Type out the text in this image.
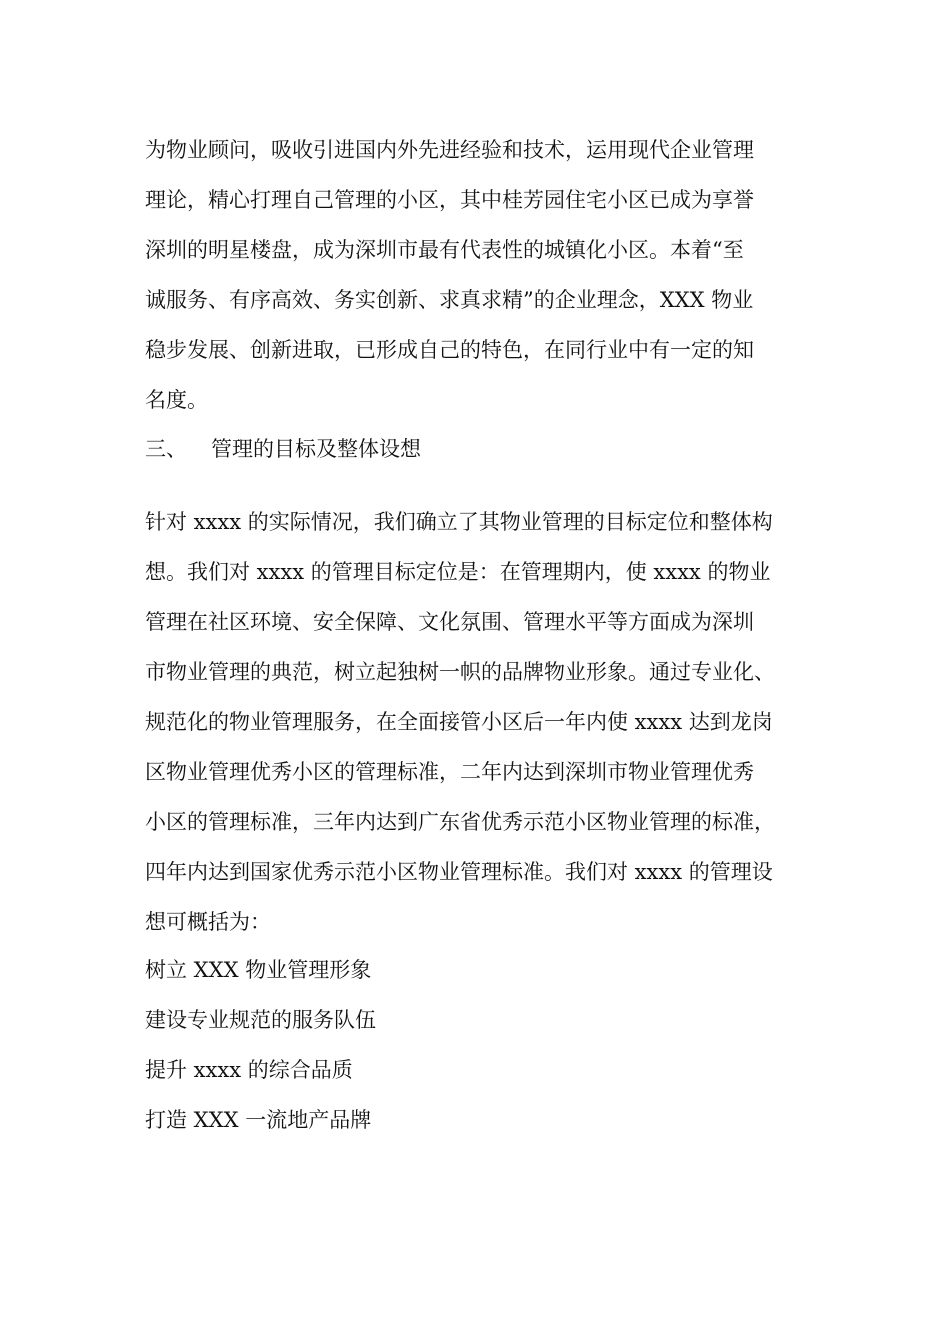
为物业顾问，吸收引进国内外先进经验和技术，运用现代企业管理
理论，精心打理自己管理的小区，其中桂芳园住宅小区已成为享誉
深圳的明星楼盘，成为深圳市最有代表性的城镇化小区。本着“至
诚服务、有序高效、务实创新、求真求精”的企业理念，XXX 物业
稳步发展、创新进取，已形成自己的特色，在同行业中有一定的知
名度。
三、 管理的目标及整体设想
针对 xxxx 的实际情况，我们确立了其物业管理的目标定位和整体构
想。我们对 xxxx 的管理目标定位是：在管理期内，使 xxxx 的物业
管理在社区环境、安全保障、文化氛围、管理水平等方面成为深圳
市物业管理的典范，树立起独树一帜的品牌物业形象。通过专业化、
规范化的物业管理服务，在全面接管小区后一年内使 xxxx 达到龙岗
区物业管理优秀小区的管理标准，二年内达到深圳市物业管理优秀
小区的管理标准，三年内达到广东省优秀示范小区物业管理的标准，
四年内达到国家优秀示范小区物业管理标准。我们对 xxxx 的管理设
想可概括为：
树立 XXX 物业管理形象
建设专业规范的服务队伍
提升 xxxx 的综合品质
打造 XXX 一流地产品牌
